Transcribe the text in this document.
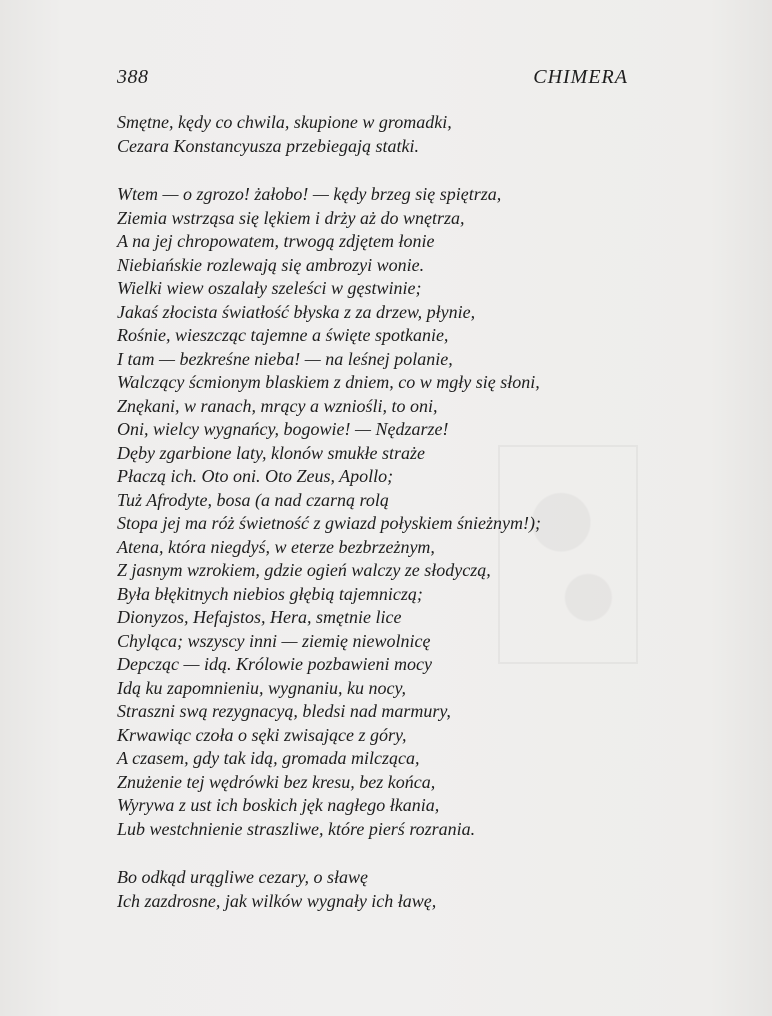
388	CHIMERA
Smętne, kędy co chwila, skupione w gromadki,
Cezara Konstancyusza przebiegają statki.
Wtem — o zgrozo! żałobo! — kędy brzeg się spiętrza,
Ziemia wstrząsa się lękiem i drży aż do wnętrza,
A na jej chropowatem, trwogą zdjętem łonie
Niebiańskie rozlewają się ambrozyi wonie.
Wielki wiew oszalały szeleści w gęstwinie;
Jakaś złocista światłość błyska z za drzew, płynie,
Rośnie, wieszcząc tajemne a święte spotkanie,
I tam — bezkreśne nieba! — na leśnej polanie,
Walczący ścmionym blaskiem z dniem, co w mgły się słoni,
Znękani, w ranach, mrący a wzniośli, to oni,
Oni, wielcy wygnańcy, bogowie! — Nędzarze!
Dęby zgarbione laty, klonów smukłe straże
Płaczą ich. Oto oni. Oto Zeus, Apollo;
Tuż Afrodyte, bosa (a nad czarną rolą
Stopa jej ma róż świetność z gwiazd połyskiem śnieżnym!);
Atena, która niegdyś, w eterze bezbrzeżnym,
Z jasnym wzrokiem, gdzie ogień walczy ze słodyczą,
Była błękitnych niebios głębią tajemniczą;
Dionyzos, Hefajstos, Hera, smętnie lice
Chyląca; wszyscy inni — ziemię niewolnicę
Depcząc — idą. Królowie pozbawieni mocy
Idą ku zapomnieniu, wygnaniu, ku nocy,
Straszni swą rezygnacyą, bledsi nad marmury,
Krwawiąc czoła o sęki zwisające z góry,
A czasem, gdy tak idą, gromada milcząca,
Znużenie tej wędrówki bez kresu, bez końca,
Wyrywa z ust ich boskich jęk nagłego łkania,
Lub westchnienie straszliwe, które pierś rozrania.
Bo odkąd urągliwe cezary, o sławę
Ich zazdrosne, jak wilków wygnały ich ławę,
